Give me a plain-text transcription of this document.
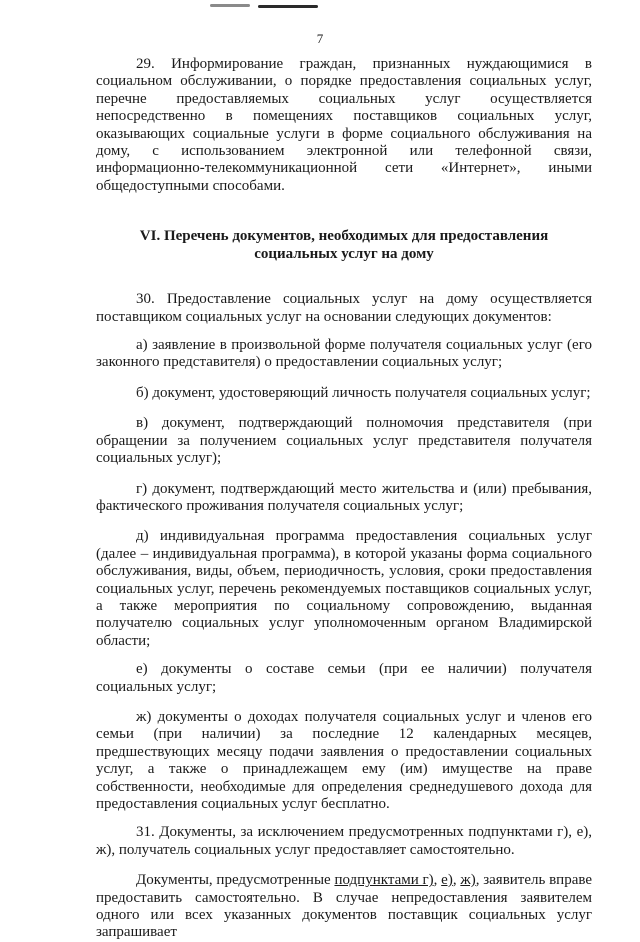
7

29. Информирование граждан, признанных нуждающимися в социальном обслуживании, о порядке предоставления социальных услуг, перечне предоставляемых социальных услуг осуществляется непосредственно в помещениях поставщиков социальных услуг, оказывающих социальные услуги в форме социального обслуживания на дому, с использованием электронной или телефонной связи, информационно-телекоммуникационной сети «Интернет», иными общедоступными способами.

VI. Перечень документов, необходимых для предоставления социальных услуг на дому

30. Предоставление социальных услуг на дому осуществляется поставщиком социальных услуг на основании следующих документов:

а) заявление в произвольной форме получателя социальных услуг (его законного представителя) о предоставлении социальных услуг;

б) документ, удостоверяющий личность получателя социальных услуг;

в) документ, подтверждающий полномочия представителя (при обращении за получением социальных услуг представителя получателя социальных услуг);

г) документ, подтверждающий место жительства и (или) пребывания, фактического проживания получателя социальных услуг;

д) индивидуальная программа предоставления социальных услуг (далее – индивидуальная программа), в которой указаны форма социального обслуживания, виды, объем, периодичность, условия, сроки предоставления социальных услуг, перечень рекомендуемых поставщиков социальных услуг, а также мероприятия по социальному сопровождению, выданная получателю социальных услуг уполномоченным органом Владимирской области;

е) документы о составе семьи (при ее наличии) получателя социальных услуг;

ж) документы о доходах получателя социальных услуг и членов его семьи (при наличии) за последние 12 календарных месяцев, предшествующих месяцу подачи заявления о предоставлении социальных услуг, а также о принадлежащем ему (им) имуществе на праве собственности, необходимые для определения среднедушевого дохода для предоставления социальных услуг бесплатно.

31. Документы, за исключением предусмотренных подпунктами г), е), ж), получатель социальных услуг предоставляет самостоятельно.

Документы, предусмотренные подпунктами г), е), ж), заявитель вправе предоставить самостоятельно. В случае непредоставления заявителем одного или всех указанных документов поставщик социальных услуг запрашивает
